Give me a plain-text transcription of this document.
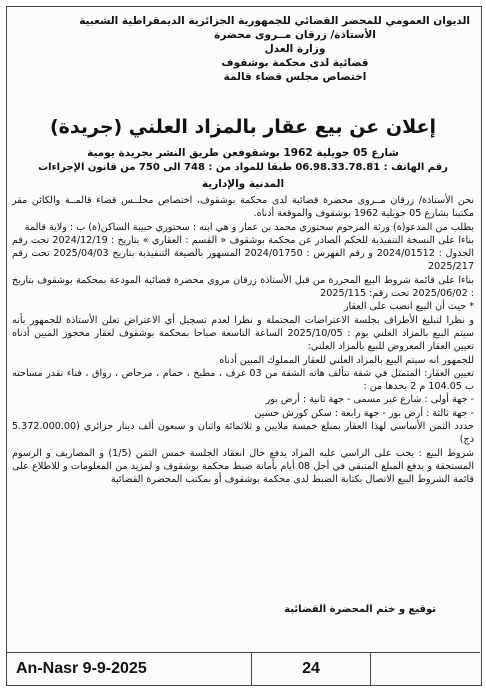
الديوان العمومي للمحضر القضائي للجمهورية الجزائرية الديمقراطية الشعبية
الأستاذة/ زرقان مــروى محضرة
وزارة العدل
قضائية لدى محكمة بوشقوف
اختصاص مجلس قضاء قالمة
إعلان عن بيع عقار بالمزاد العلني (جريدة)
شارع 05 جويلية 1962 بوشقوفعن طريق النشر بجريدة يومية
رقم الهاتف : 06.98.33.78.81 طبقا للمواد من : 748 الى 750 من قانون الإجراءات
المدنية والإدارية

نحن الأستاذة/ زرقان مــروى محضرة قضائية لدى محكمة بوشقوف، اختصاص مجلــس قضاء قالمــة والكائن مقر مكتبنا بشارع 05 جويلية 1962 بوشقوف والموقعة أدناه.

بطلب من المدعو(ة) ورثة المرحوم سحتوري محمد بن عمار و هي ابنه : سحتوري حبيبة الساكن(ة) ب : ولاية قالمة

بناءا على النسخة التنفيذية للحكم الصادر عن محكمة بوشقوف « القسم : العقاري » بتاريخ : 2024/12/19 تحت رقم الجدول : 2024/01512 و رقم الفهرس : 2024/01750 المسهور بالصيغة التنفيذية بتاريخ 2025/04/03 تحت رقم 2025/217

بناءا على قائمة شروط البيع المحررة من قبل الأستاذة زرقان مروى محضرة قضائية المودعة بمحكمة بوشقوف بتاريخ : 2025/06/02 تحت رقم: 2025/115

* حيث أن البيع انصب على العقار

و نظرا لتبليغ الأطراف بجلسة الاعتراضات المحتملة و نظرا لعدم تسجيل أي الاعتراض تعلن الأستاذة للجمهور بأنه سيتم البيع بالمزاد العلني يوم : 2025/10/05 الساعة التاسعة صباحا بمحكمة بوشقوف لعقار محجوز المبين أدناه تعيين العقار المعروض للبيع بالمزاد العلني:

للجمهور انه سيتم البيع بالمزاد العلني للعقار المملوك المبين أدناه

تعيين العقار: المتمثل في شقة تتألف هاته الشقة من 03 غرف ، مطبخ ، حمام ، مرحاض ، رواق ، فناء تقدر مساحته ب 104.05 م 2 يحدها من :

- جهة أولى : شارع غير مسمى - جهة ثانية : أرض بور

- جهة ثالثة : أرض بور - جهة رابعة : سكن كورش حسين

حددد الثمن الأساسي لهذا العقار بمبلغ خمسة ملايين و ثلاثمائة واثنان و سبعون ألف دينار جزائري (5.372.000.00 دج)

شروط البيع : يجب على الراسي عليه المزاد يدفع حال انعقاد الجلسة خمس الثمن (1/5) و المصاريف و الرسوم المستحقة و يدفع المبلغ المتبقي في أجل 08 أيام بأمانة ضبط محكمة بوشقوف و لمزيد من المعلومات و للاطلاع على قائمة الشروط البيع الاتصال بكتابة الضبط لدى محكمة بوشقوف أو بمكتب المحضرة القضائية

توقيع و ختم المحضرة القضائية
An-Nasr 9-9-2025	24
